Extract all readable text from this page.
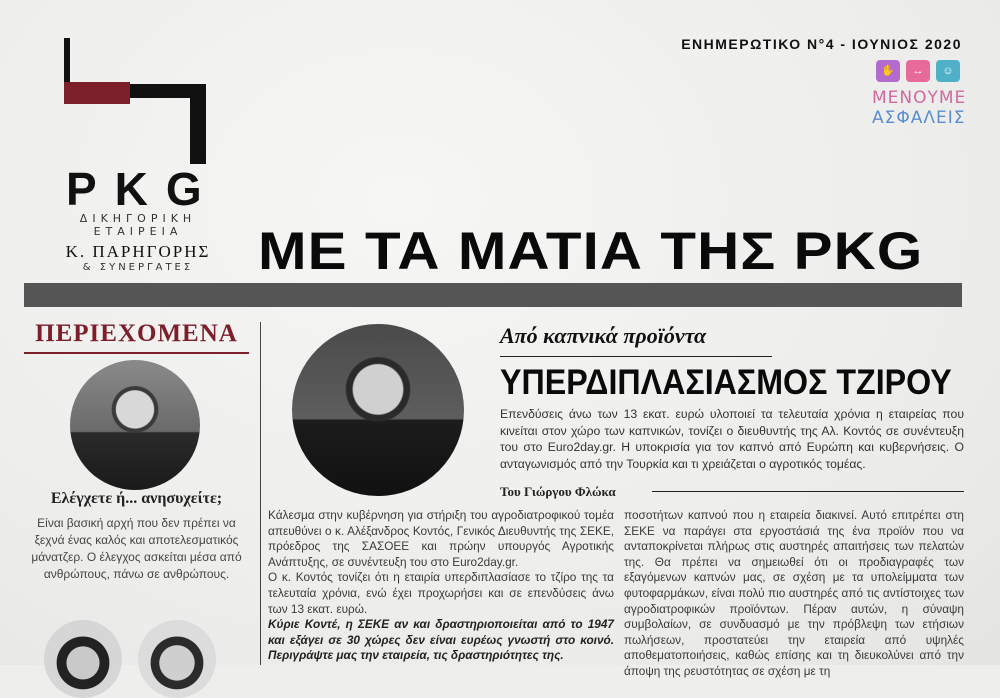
PKG
ΔΙΚΗΓΟΡΙΚΗ
ΕΤΑΙΡΕΙΑ
Κ. ΠΑΡΗΓΟΡΗΣ
& ΣΥΝΕΡΓΑΤΕΣ
ΕΝΗΜΕΡΩΤΙΚΟ Ν°4 - ΙΟΥΝΙΟΣ 2020
✋	↔	☺
ΜΕΝΟΥΜΕ
ΑΣΦΑΛΕΙΣ
ΜΕ ΤΑ ΜΑΤΙΑ ΤΗΣ PKG
ΠΕΡΙΕΧΟΜΕΝΑ
Ελέγχετε ή... ανησυχείτε;
Είναι βασική αρχή που δεν πρέπει να ξεχνά ένας καλός και αποτελεσματικός μάνατζερ. Ο έλεγχος ασκείται μέσα από ανθρώπους, πάνω σε ανθρώπους.
Από καπνικά προϊόντα
ΥΠΕΡΔΙΠΛΑΣΙΑΣΜΟΣ ΤΖΙΡΟΥ
Επενδύσεις άνω των 13 εκατ. ευρώ υλοποιεί τα τελευταία χρόνια η εταιρείας που κινείται στον χώρο των καπνικών, τονίζει ο διευθυντής της Αλ. Κοντός σε συνέντευξη του στο Euro2day.gr. Η υποκρισία για τον καπνό από Ευρώπη και κυβερνήσεις. Ο ανταγωνισμός από την Τουρκία και τι χρειάζεται ο αγροτικός τομέας.
Του Γιώργου Φλώκα

Κάλεσμα στην κυβέρνηση για στήριξη του αγροδιατροφικού τομέα απευθύνει ο κ. Αλέξανδρος Κοντός, Γενικός Διευθυντής της ΣΕΚΕ, πρόεδρος της ΣΑΣΟΕΕ και πρώην υπουργός Αγροτικής Ανάπτυξης, σε συνέντευξη του στο Euro2day.gr.

Ο κ. Κοντός τονίζει ότι η εταιρία υπερδιπλασίασε το τζίρο της τα τελευταία χρόνια, ενώ έχει προχωρήσει και σε επενδύσεις άνω των 13 εκατ. ευρώ.

Κύριε Κοντέ, η ΣΕΚΕ αν και δραστηριοποιείται από το 1947 και εξάγει σε 30 χώρες δεν είναι ευρέως γνωστή στο κοινό. Περιγράψτε μας την εταιρεία, τις δραστηριότητες της.

ποσοτήτων καπνού που η εταιρεία διακινεί. Αυτό επιτρέπει στη ΣΕΚΕ να παράγει στα εργοστάσιά της ένα προϊόν που να ανταποκρίνεται πλήρως στις αυστηρές απαιτήσεις των πελατών της. Θα πρέπει να σημειωθεί ότι οι προδιαγραφές των εξαγόμενων καπνών μας, σε σχέση με τα υπολείμματα των φυτοφαρμάκων, είναι πολύ πιο αυστηρές από τις αντίστοιχες των αγροδιατροφικών προϊόντων. Πέραν αυτών, η σύναψη συμβολαίων, σε συνδυασμό με την πρόβλεψη των ετήσιων πωλήσεων, προστατεύει την εταιρεία από υψηλές αποθεματοποιήσεις, καθώς επίσης και τη διευκολύνει από την άποψη της ρευστότητας σε σχέση με τη
